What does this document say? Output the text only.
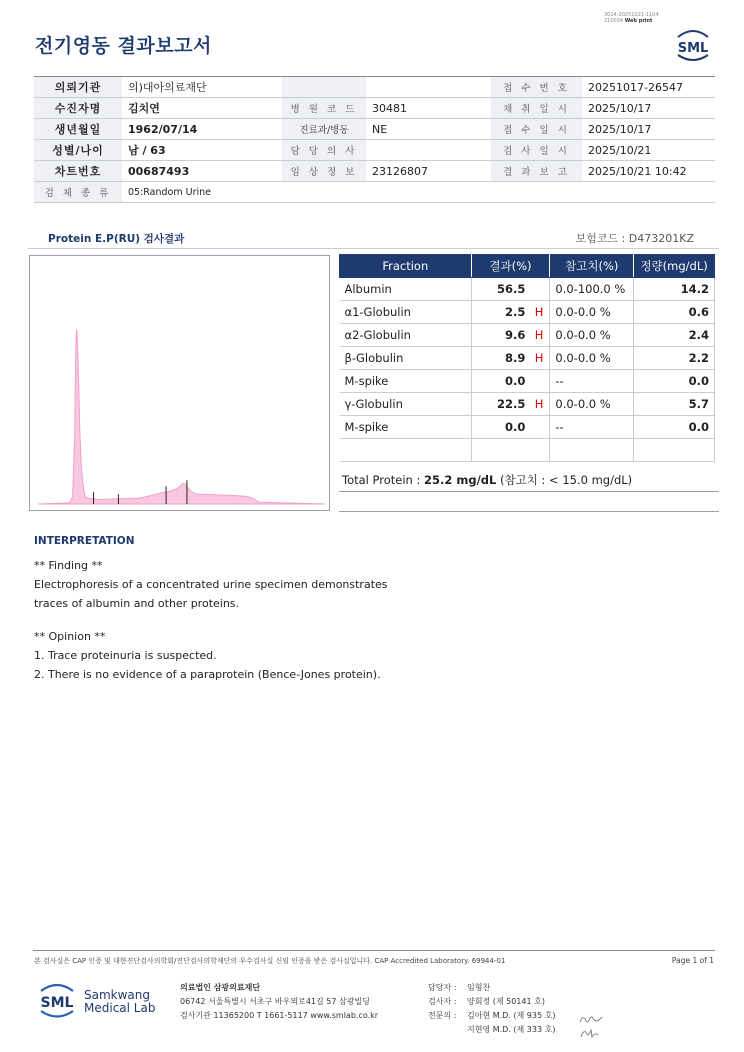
3014-20251021-1104
210034 Web print
전기영동 결과보고서	SML
의뢰기관	의)대아의료재단			접 수 번 호	20251017-26547
수진자명	김치연	병 원 코 드	30481	채 취 일 시	2025/10/17
생년월일	1962/07/14	진료과/병동	NE	접 수 일 시	2025/10/17
성별/나이	남 / 63	담 당 의 사		검 사 일 시	2025/10/21
차트번호	00687493	임 상 정 보	23126807	결 과 보 고	2025/10/21 10:42
검 체 종 류	05:Random Urine				
Protein E.P(RU) 검사결과	보험코드 : D473201KZ
Fraction	결과(%)	참고치(%)	정량(mg/dL)
Albumin	56.5	0.0-100.0 %	14.2
α1-Globulin	2.5 H	0.0-0.0 %	0.6
α2-Globulin	9.6 H	0.0-0.0 %	2.4
β-Globulin	8.9 H	0.0-0.0 %	2.2
M-spike	0.0	--	0.0
γ-Globulin	22.5 H	0.0-0.0 %	5.7
M-spike	0.0	--	0.0

Total Protein : 25.2 mg/dL (참고치 : < 15.0 mg/dL)
INTERPRETATION
** Finding **
Electrophoresis of a concentrated urine specimen demonstrates
traces of albumin and other proteins.
** Opinion **
1. Trace proteinuria is suspected.
2. There is no evidence of a paraprotein (Bence-Jones protein).
본 검사실은 CAP 인증 및 대한진단검사의학회/진단검사의학재단의 우수검사실 신임 인증을 받은 검사실입니다. CAP Accredited Laboratory. 69944-01	Page 1 of 1
SML Samkwang
Medical Lab
의료법인 삼광의료재단
06742 서울특별시 서초구 바우뫼로41길 57 삼광빌딩
검사기관 11365200 T 1661-5117 www.smlab.co.kr
담당자 : 임형찬
검사자 : 양회정 (제 50141 호)
전문의 : 김아현 M.D. (제 935 호)
지현영 M.D. (제 333 호)
